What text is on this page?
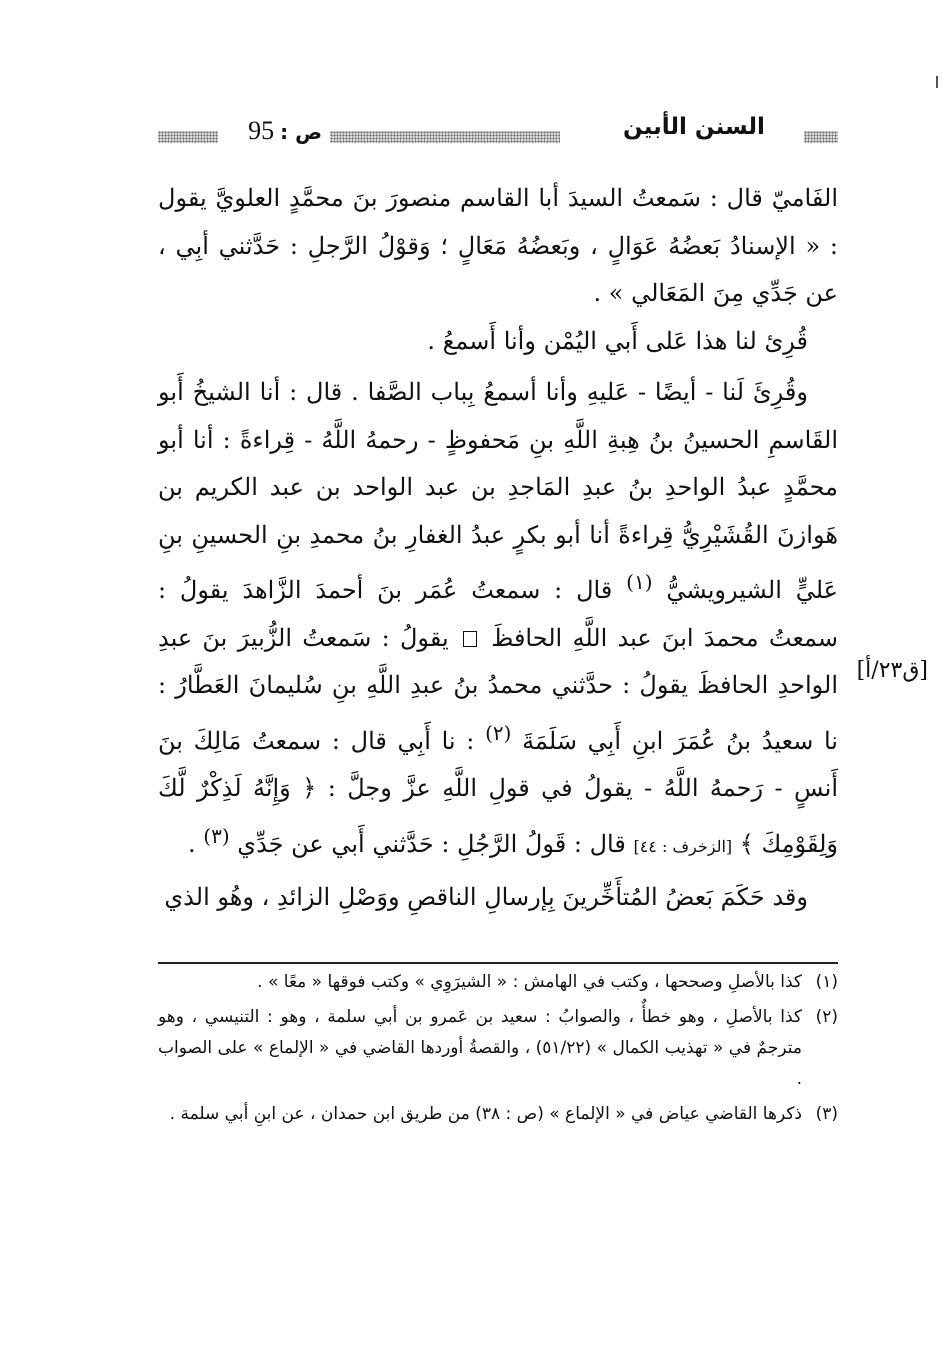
ص :
95	السنن الأبين

الفَاميّ قال : سَمعتُ السيدَ أبا القاسم منصورَ بنَ محمَّدٍ العلويَّ يقول : « الإسنادُ بَعضُهُ عَوَالٍ ، وبَعضُهُ مَعَالٍ ؛ وَقوْلُ الرَّجلِ : حَدَّثني أبِي ، عن جَدِّي مِنَ المَعَالي » .

قُرِئ لنا هذا عَلى أَبي اليُمْن وأنا أَسمعُ .

وقُرِئَ لَنا - أيضًا - عَليهِ وأنا أسمعُ بِباب الصَّفا . قال : أنا الشيخُ أَبو القَاسمِ الحسينُ بنُ هِبةِ اللَّهِ بنِ مَحفوظٍ - رحمهُ اللَّهُ - قِراءةً : أنا أبو محمَّدٍ عبدُ الواحدِ بنُ عبدِ المَاجدِ بن عبد الواحد بن عبد الكريم بن هَوازنَ القُشَيْرِيُّ قِراءةً أنا أبو بكرٍ عبدُ الغفارِ بنُ محمدِ بنِ الحسينِ بنِ عَليٍّ الشيرويشيُّ $^{(١)}$ قال : سمعتُ عُمَر بنَ أحمدَ الزَّاهدَ يقولُ : سمعتُ محمدَ ابنَ عبد اللَّهِ الحافظَ  يقولُ : سَمعتُ الزُّبيرَ بنَ عبدِ الواحدِ الحافظَ يقولُ : حدَّثني محمدُ بنُ عبدِ اللَّهِ بنِ سُليمانَ العَطَّارُ : نا سعيدُ بنُ عُمَرَ ابنِ أَبِي سَلَمَةَ $^{(٢)}$ : نا أَبِي قال : سمعتُ مَالِكَ بنَ أَنسٍ - رَحمهُ اللَّهُ - يقولُ في قولِ اللَّهِ عزَّ وجلَّ : ﴿ وَإِنَّهُ لَذِكْرٌ لَّكَ وَلِقَوْمِكَ ﴾ [الزخرف : ٤٤] قال : قَولُ الرَّجُلِ : حَدَّثني أَبي عن جَدِّي $^{(٣)}$ .

وقد حَكَمَ بَعضُ المُتأَخِّرينَ بِإرسالِ الناقصِ ووَصْلِ الزائدِ ، وهُو الذي

[ق٢٣/أ]
(١)
كذا بالأصلِ وصححها ، وكتب في الهامش : « الشيرَوِي » وكتب فوقها « معًا » .
(٢)
كذا بالأصلِ ، وهو خطأٌ ، والصوابُ : سعيد بن عَمرو بن أبي سلمة ، وهو : التنيسي ، وهو مترجمٌ في « تهذيب الكمال » (٥١/٢٢) ، والقصةُ أوردها القاضي في « الإلماع » على الصواب .
(٣)
ذكرها القاضي عياض في « الإلماع » (ص : ٣٨) من طريق ابن حمدان ، عن ابنِ أبي سلمة .
